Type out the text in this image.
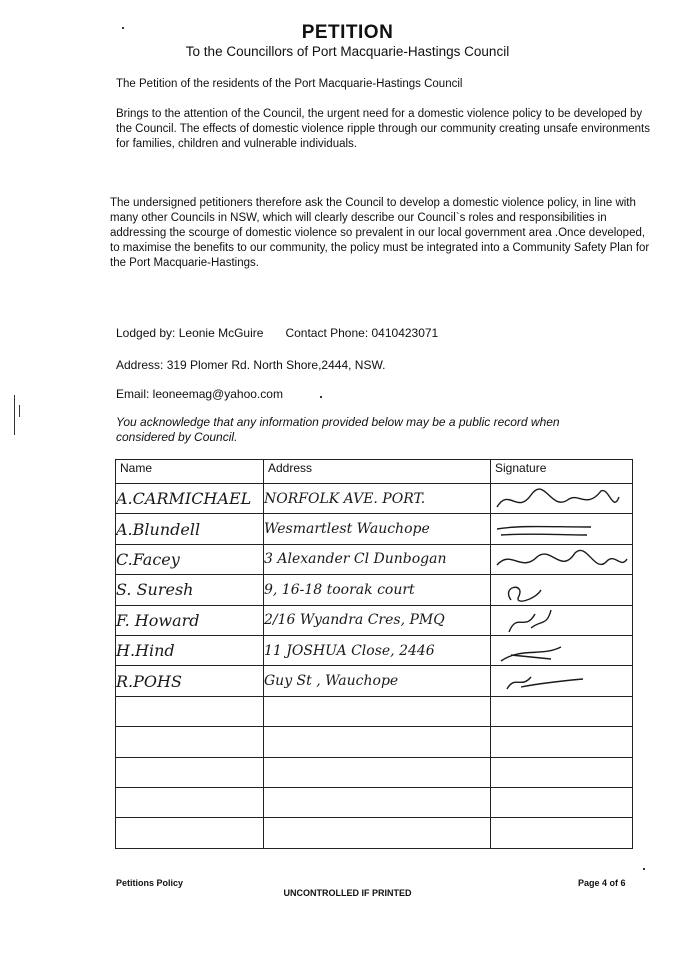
PETITION
To the Councillors of Port Macquarie-Hastings Council
The Petition of the residents of the Port Macquarie-Hastings Council
Brings to the attention of the Council, the urgent need for a domestic violence policy to be developed by the Council. The effects of domestic violence ripple through our community creating unsafe environments for families, children and vulnerable individuals.
The undersigned petitioners therefore ask the Council to develop a domestic violence policy, in line with many other Councils in NSW, which will clearly describe our Council`s roles and responsibilities in addressing the scourge of domestic violence so prevalent in our local government area .Once developed, to maximise the benefits to our community, the policy must be integrated into a Community Safety Plan for the Port Macquarie-Hastings.
Lodged by: Leonie McGuire Contact Phone: 0410423071
Address: 319 Plomer Rd. North Shore,2444, NSW.
Email: leoneemag@yahoo.com
You acknowledge that any information provided below may be a public record when considered by Council.
Name	Address	Signature
A.CARMICHAEL	NORFOLK AVE. PORT.	

A.Blundell	Wesmartlest Wauchope	

C.Facey	3 Alexander Cl Dunbogan	

S. Suresh	9, 16-18 toorak court	

F. Howard	2/16 Wyandra Cres, PMQ	

H.Hind	11 JOSHUA Close, 2446	

R.POHS	Guy St , Wauchope	

Petitions Policy
UNCONTROLLED IF PRINTED
Page 4 of 6
